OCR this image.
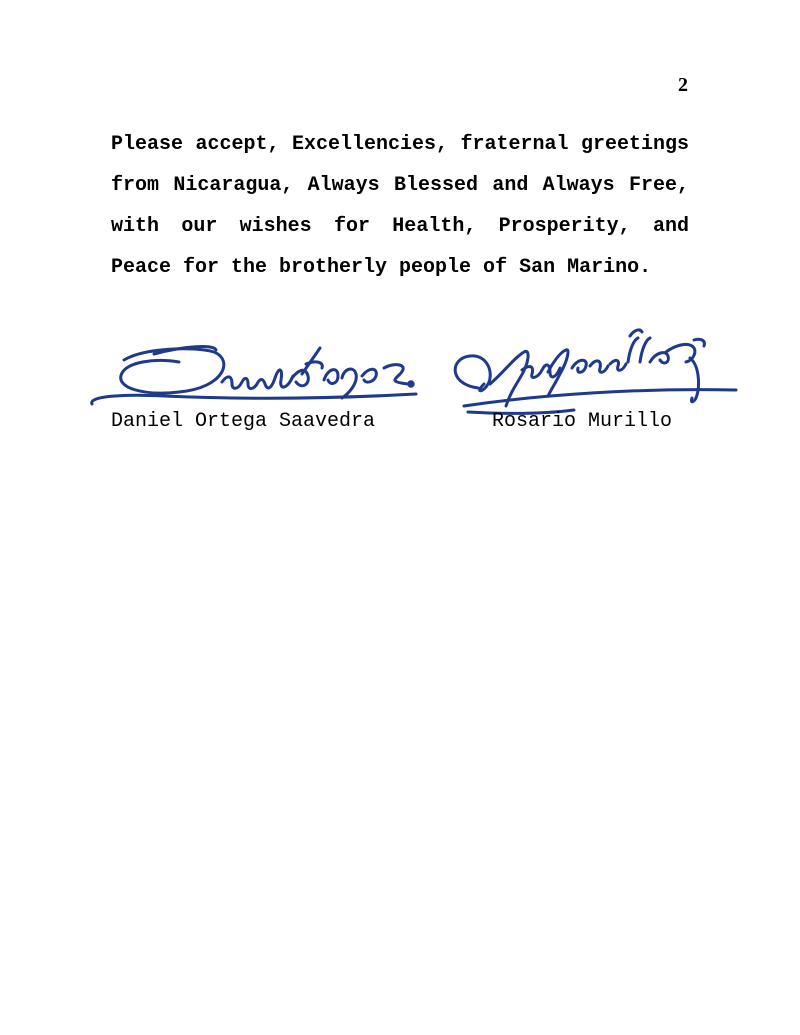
2

Please accept, Excellencies, fraternal greetings from Nicaragua, Always Blessed and Always Free, with our wishes for Health, Prosperity, and Peace for the brotherly people of San Marino.

Daniel Ortega Saavedra	Rosario Murillo
